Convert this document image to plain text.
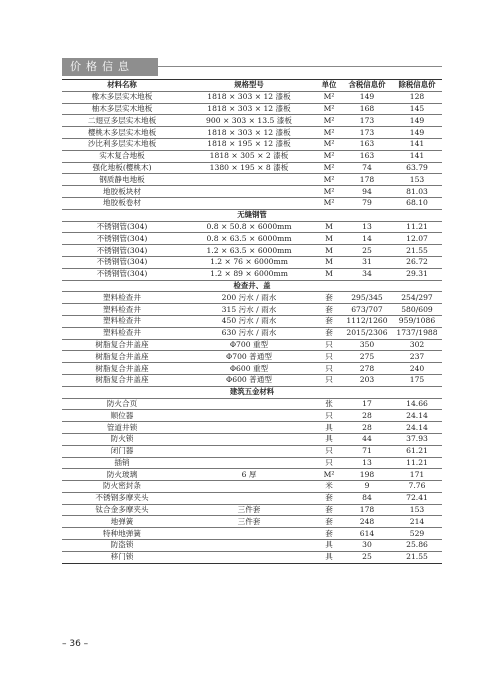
价格信息
材料名称	规格型号	单位	含税信息价	除税信息价
橡木多层实木地板	1818 × 303 × 12 漆板	M²	149	128
柚木多层实木地板	1818 × 303 × 12 漆板	M²	168	145
二翅豆多层实木地板	900 × 303 × 13.5 漆板	M²	173	149
樱桃木多层实木地板	1818 × 303 × 12 漆板	M²	173	149
沙比利多层实木地板	1818 × 195 × 12 漆板	M²	163	141
实木复合地板	1818 × 305 × 2 漆板	M²	163	141
强化地板(樱桃木)	1380 × 195 × 8 漆板	M²	74	63.79
钢质静电地板		M²	178	153
地胶板块材		M²	94	81.03
地胶板卷材		M²	79	68.10
无缝钢管				
不锈钢管(304)	0.8 × 50.8 × 6000mm	M	13	11.21
不锈钢管(304)	0.8 × 63.5 × 6000mm	M	14	12.07
不锈钢管(304)	1.2 × 63.5 × 6000mm	M	25	21.55
不锈钢管(304)	1.2 × 76 × 6000mm	M	31	26.72
不锈钢管(304)	1.2 × 89 × 6000mm	M	34	29.31
检查井、盖				
塑料检查井	200 污水 / 雨水	套	295/345	254/297
塑料检查井	315 污水 / 雨水	套	673/707	580/609
塑料检查井	450 污水 / 雨水	套	1112/1260	959/1086
塑料检查井	630 污水 / 雨水	套	2015/2306	1737/1988
树脂复合井盖座	Φ700 重型	只	350	302
树脂复合井盖座	Φ700 普通型	只	275	237
树脂复合井盖座	Φ600 重型	只	278	240
树脂复合井盖座	Φ600 普通型	只	203	175
建筑五金材料				
防火合页		张	17	14.66
顺位器		只	28	24.14
管道井锁		具	28	24.14
防火锁		具	44	37.93
闭门器		只	71	61.21
插销		只	13	11.21
防火玻璃	6 厚	M²	198	171
防火密封条		米	9	7.76
不锈钢多摩夹头		套	84	72.41
钛合金多摩夹头	三件套	套	178	153
地弹簧	三件套	套	248	214
特种地弹簧		套	614	529
防盗锁		具	30	25.86
移门锁		具	25	21.55
– 36 –
